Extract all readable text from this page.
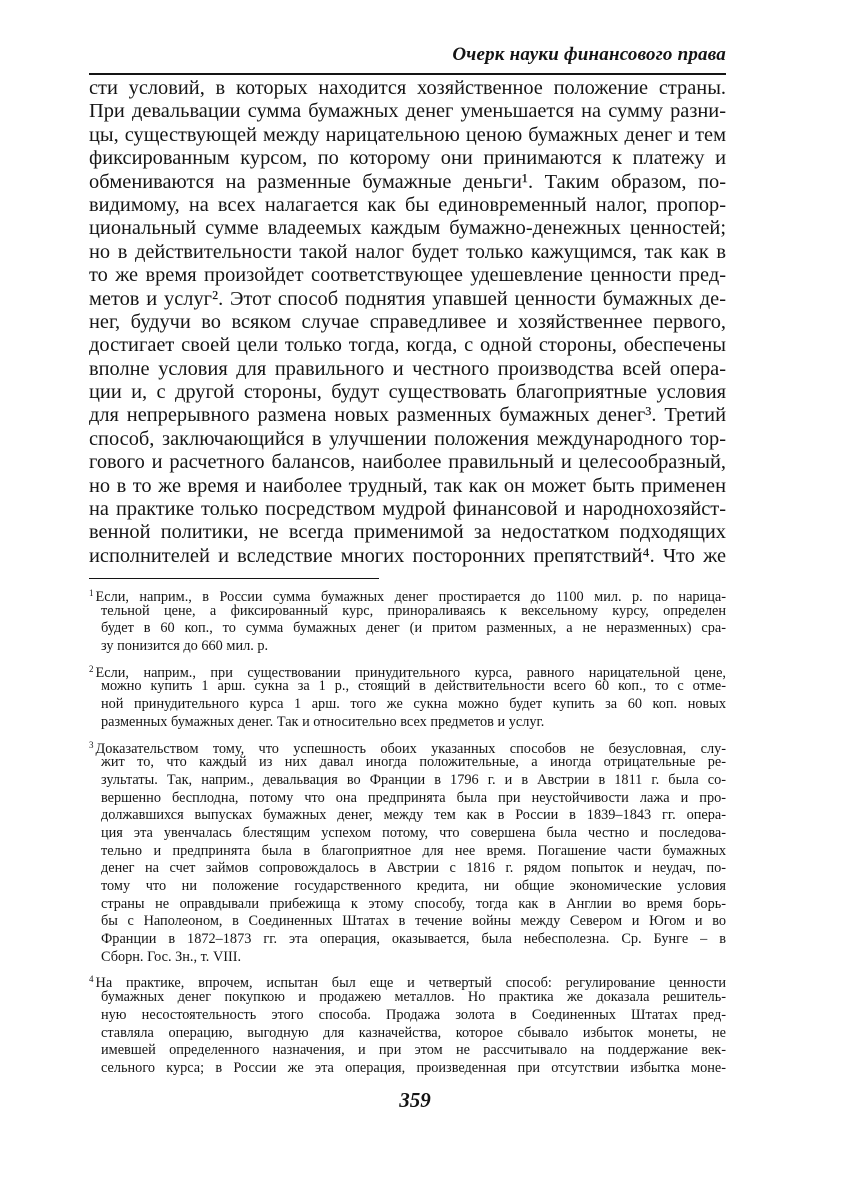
Очерк науки финансового права
сти условий, в которых находится хозяйственное положение страны.
При девальвации сумма бумажных денег уменьшается на сумму разни-
цы, существующей между нарицательною ценою бумажных денег и тем
фиксированным курсом, по которому они принимаются к платежу и
обмениваются на разменные бумажные деньги¹. Таким образом, по-
видимому, на всех налагается как бы единовременный налог, пропор-
циональный сумме владеемых каждым бумажно-денежных ценностей;
но в действительности такой налог будет только кажущимся, так как в
то же время произойдет соответствующее удешевление ценности пред-
метов и услуг². Этот способ поднятия упавшей ценности бумажных де-
нег, будучи во всяком случае справедливее и хозяйственнее первого,
достигает своей цели только тогда, когда, с одной стороны, обеспечены
вполне условия для правильного и честного производства всей опера-
ции и, с другой стороны, будут существовать благоприятные условия
для непрерывного размена новых разменных бумажных денег³. Третий
способ, заключающийся в улучшении положения международного тор-
гового и расчетного балансов, наиболее правильный и целесообразный,
но в то же время и наиболее трудный, так как он может быть применен
на практике только посредством мудрой финансовой и народнохозяйст-
венной политики, не всегда применимой за недостатком подходящих
исполнителей и вследствие многих посторонних препятствий⁴. Что же
$^1$ Если, наприм., в России сумма бумажных денег простирается до 1100 мил. р. по нарица-
тельной цене, а фиксированный курс, принораливаясь к вексельному курсу, определен
будет в 60 коп., то сумма бумажных денег (и притом разменных, а не неразменных) сра-
зу понизится до 660 мил. р.
$^2$ Если, наприм., при существовании принудительного курса, равного нарицательной цене,
можно купить 1 арш. сукна за 1 р., стоящий в действительности всего 60 коп., то с отме-
ной принудительного курса 1 арш. того же сукна можно будет купить за 60 коп. новых
разменных бумажных денег. Так и относительно всех предметов и услуг.
$^3$ Доказательством тому, что успешность обоих указанных способов не безусловная, слу-
жит то, что каждый из них давал иногда положительные, а иногда отрицательные ре-
зультаты. Так, наприм., девальвация во Франции в 1796 г. и в Австрии в 1811 г. была со-
вершенно бесплодна, потому что она предпринята была при неустойчивости лажа и про-
должавшихся выпусках бумажных денег, между тем как в России в 1839–1843 гг. опера-
ция эта увенчалась блестящим успехом потому, что совершена была честно и последова-
тельно и предпринята была в благоприятное для нее время. Погашение части бумажных
денег на счет займов сопровождалось в Австрии с 1816 г. рядом попыток и неудач, по-
тому что ни положение государственного кредита, ни общие экономические условия
страны не оправдывали прибежища к этому способу, тогда как в Англии во время борь-
бы с Наполеоном, в Соединенных Штатах в течение войны между Севером и Югом и во
Франции в 1872–1873 гг. эта операция, оказывается, была небесполезна. Ср. Бунге – в
Сборн. Гос. Зн., т. VIII.
$^4$ На практике, впрочем, испытан был еще и четвертый способ: регулирование ценности
бумажных денег покупкою и продажею металлов. Но практика же доказала решитель-
ную несостоятельность этого способа. Продажа золота в Соединенных Штатах пред-
ставляла операцию, выгодную для казначейства, которое сбывало избыток монеты, не
имевшей определенного назначения, и при этом не рассчитывало на поддержание век-
сельного курса; в России же эта операция, произведенная при отсутствии избытка моне-
359
